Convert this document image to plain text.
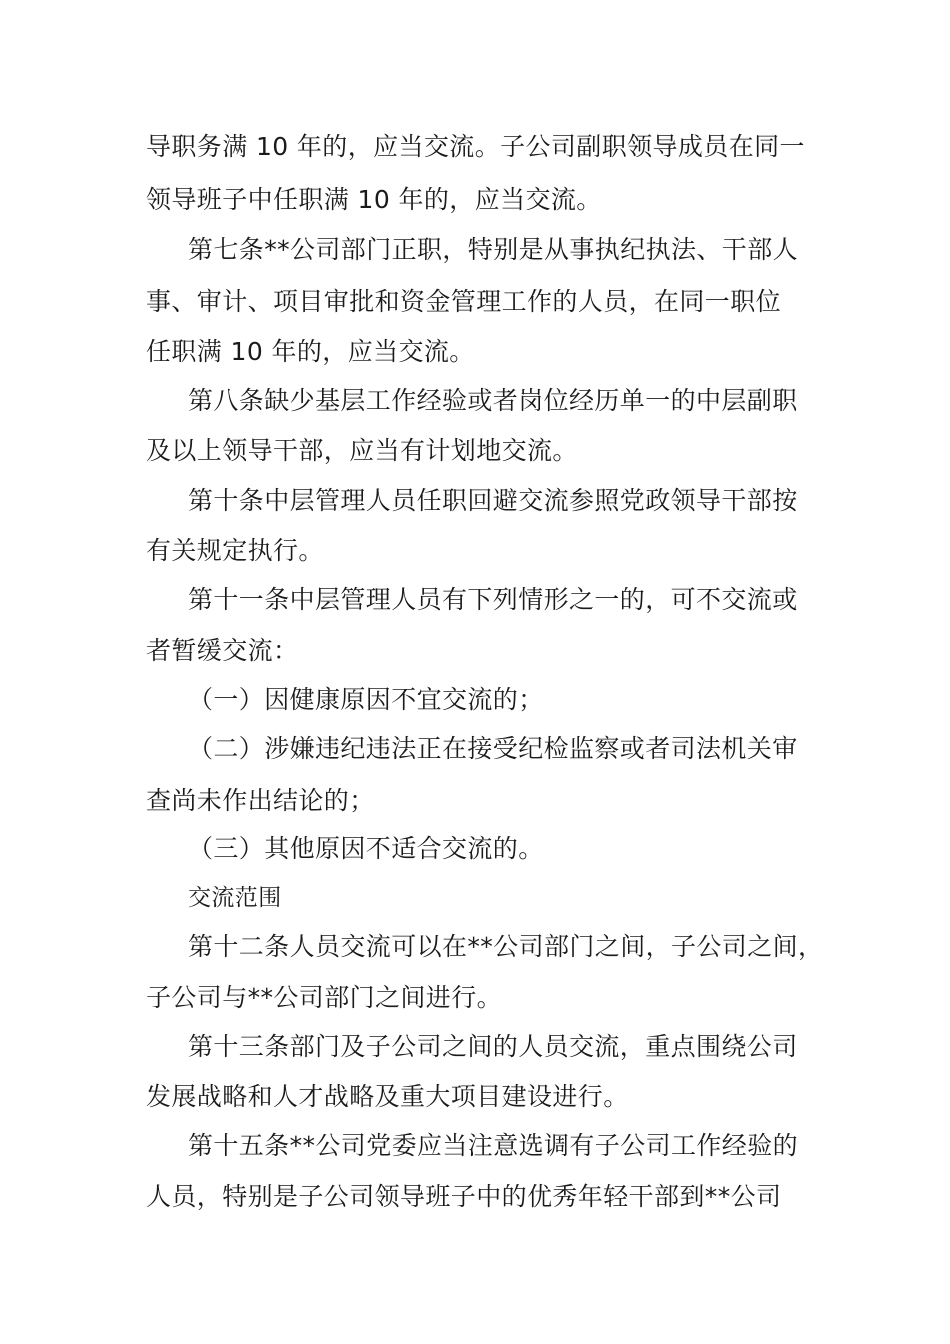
导职务满 10 年的，应当交流。子公司副职领导成员在同一
领导班子中任职满 10 年的，应当交流。
第七条**公司部门正职，特别是从事执纪执法、干部人
事、审计、项目审批和资金管理工作的人员，在同一职位
任职满 10 年的，应当交流。
第八条缺少基层工作经验或者岗位经历单一的中层副职
及以上领导干部，应当有计划地交流。
第十条中层管理人员任职回避交流参照党政领导干部按
有关规定执行。
第十一条中层管理人员有下列情形之一的，可不交流或
者暂缓交流：
（一）因健康原因不宜交流的；
（二）涉嫌违纪违法正在接受纪检监察或者司法机关审
查尚未作出结论的；
（三）其他原因不适合交流的。
交流范围
第十二条人员交流可以在**公司部门之间，子公司之间，
子公司与**公司部门之间进行。
第十三条部门及子公司之间的人员交流，重点围绕公司
发展战略和人才战略及重大项目建设进行。
第十五条**公司党委应当注意选调有子公司工作经验的
人员，特别是子公司领导班子中的优秀年轻干部到**公司
